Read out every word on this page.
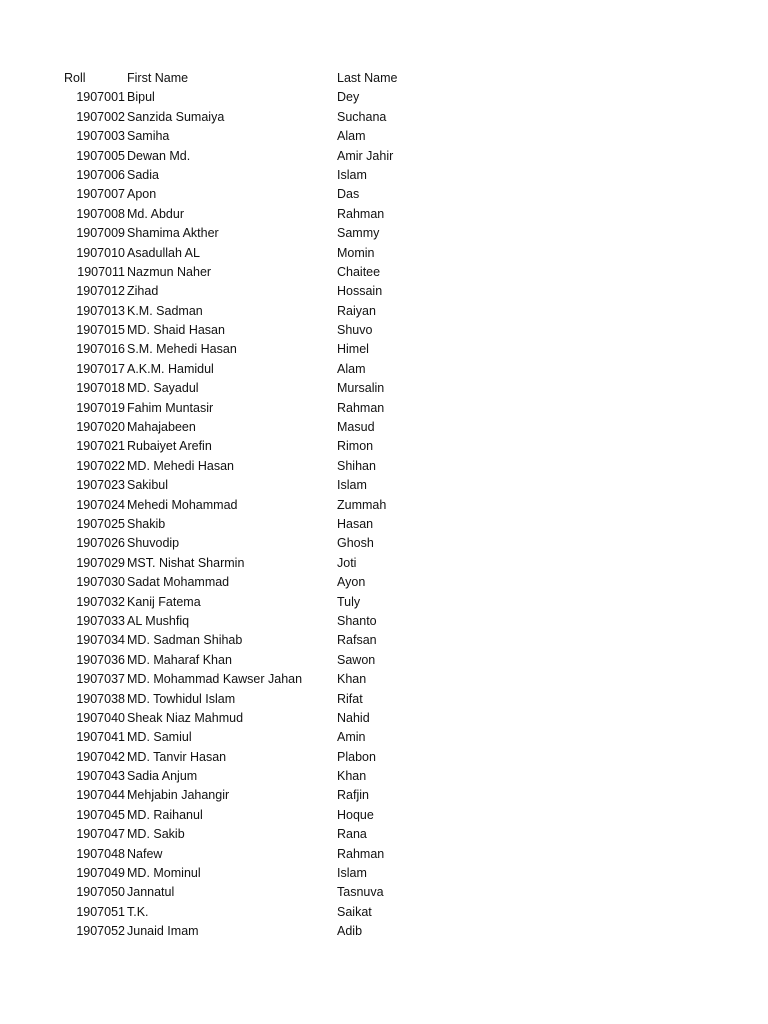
Roll	First Name	Last Name
1907001 Bipul	Dey
1907002 Sanzida Sumaiya	Suchana
1907003 Samiha	Alam
1907005 Dewan Md.	Amir Jahir
1907006 Sadia	Islam
1907007 Apon	Das
1907008 Md. Abdur	Rahman
1907009 Shamima Akther	Sammy
1907010 Asadullah AL	Momin
1907011 Nazmun Naher	Chaitee
1907012 Zihad	Hossain
1907013 K.M. Sadman	Raiyan
1907015 MD. Shaid Hasan	Shuvo
1907016 S.M. Mehedi Hasan	Himel
1907017 A.K.M. Hamidul	Alam
1907018 MD. Sayadul	Mursalin
1907019 Fahim Muntasir	Rahman
1907020 Mahajabeen	Masud
1907021 Rubaiyet Arefin	Rimon
1907022 MD. Mehedi Hasan	Shihan
1907023 Sakibul	Islam
1907024 Mehedi Mohammad	Zummah
1907025 Shakib	Hasan
1907026 Shuvodip	Ghosh
1907029 MST. Nishat Sharmin	Joti
1907030 Sadat Mohammad	Ayon
1907032 Kanij Fatema	Tuly
1907033 AL Mushfiq	Shanto
1907034 MD. Sadman Shihab	Rafsan
1907036 MD. Maharaf Khan	Sawon
1907037 MD. Mohammad Kawser Jahan	Khan
1907038 MD. Towhidul Islam	Rifat
1907040 Sheak Niaz Mahmud	Nahid
1907041 MD. Samiul	Amin
1907042 MD. Tanvir Hasan	Plabon
1907043 Sadia Anjum	Khan
1907044 Mehjabin Jahangir	Rafjin
1907045 MD. Raihanul	Hoque
1907047 MD. Sakib	Rana
1907048 Nafew	Rahman
1907049 MD. Mominul	Islam
1907050 Jannatul	Tasnuva
1907051 T.K.	Saikat
1907052 Junaid Imam	Adib
